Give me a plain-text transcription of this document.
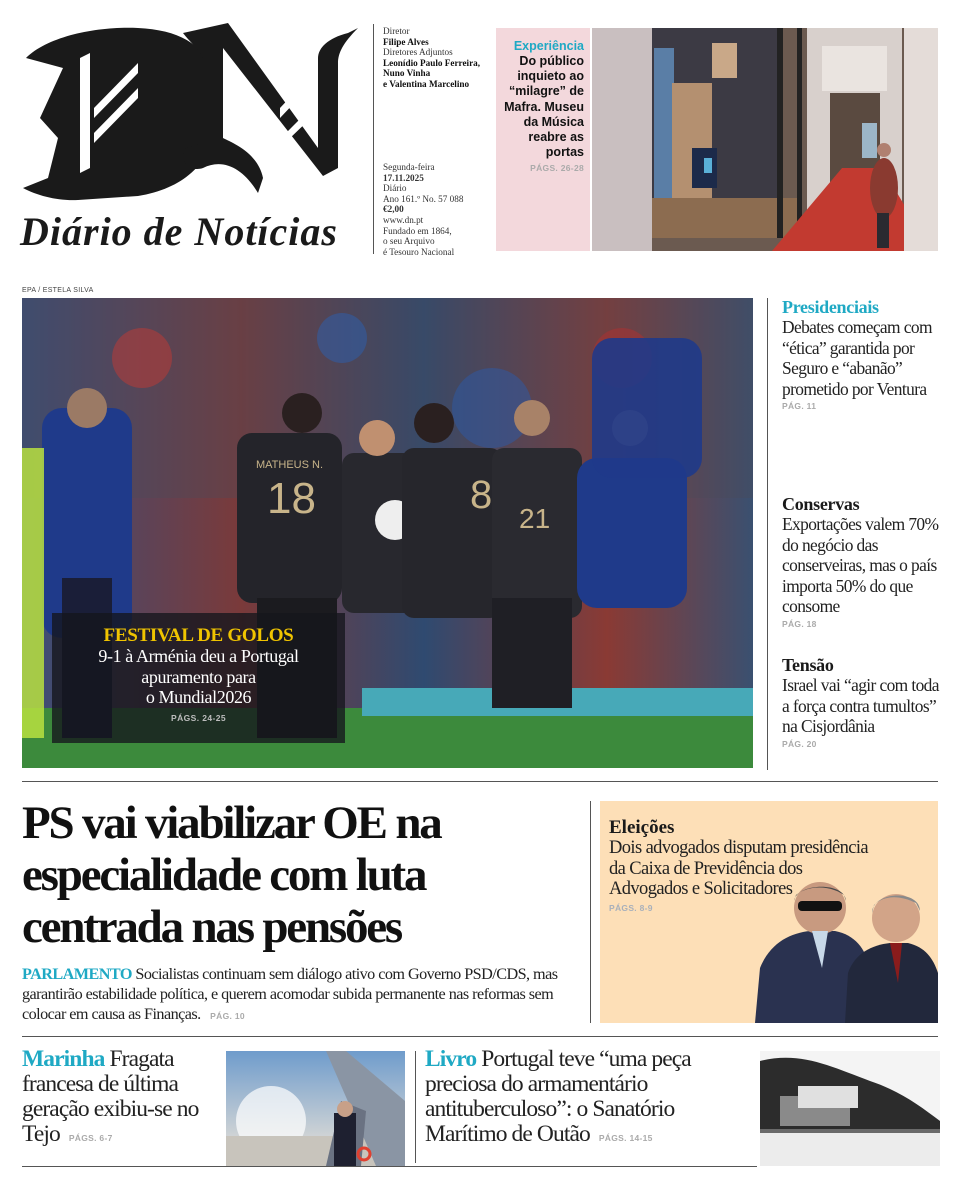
Diário de Notícias
Diretor
Filipe Alves
Diretores Adjuntos
Leonídio Paulo Ferreira,
Nuno Vinha
e Valentina Marcelino
Segunda-feira
17.11.2025
Diário
Ano 161.º No. 57 088
€2,00
www.dn.pt
Fundado em 1864,
o seu Arquivo
é Tesouro Nacional
Experiência
Do público inquieto ao “milagre” de Mafra. Museu da Música reabre as portas
PÁGS. 26-28
EPA / ESTELA SILVA
18	8
21
MATHEUS N.
FESTIVAL DE GOLOS
9-1 à Arménia deu a Portugal
apuramento para
o Mundial2026
PÁGS. 24-25
Presidenciais
Debates começam com “ética” garantida por Seguro e “abanão” prometido por Ventura
PÁG. 11
Conservas
Exportações valem 70% do negócio das conserveiras, mas o país importa 50% do que consome
PÁG. 18
Tensão
Israel vai “agir com toda a força contra tumultos” na Cisjordânia
PÁG. 20
PS vai viabilizar OE na especialidade com luta centrada nas pensões
PARLAMENTO Socialistas continuam sem diálogo ativo com Governo PSD/CDS, mas garantirão estabilidade política, e querem acomodar subida permanente nas reformas sem colocar em causa as Finanças. PÁG. 10
Eleições
Dois advogados disputam presidência da Caixa de Previdência dos Advogados e Solicitadores
PÁGS. 8-9
Marinha Fragata francesa de última geração exibiu-se no Tejo PÁGS. 6-7
Livro Portugal teve “uma peça preciosa do armamentário antituberculoso”: o Sanatório Marítimo de Outão PÁGS. 14-15
